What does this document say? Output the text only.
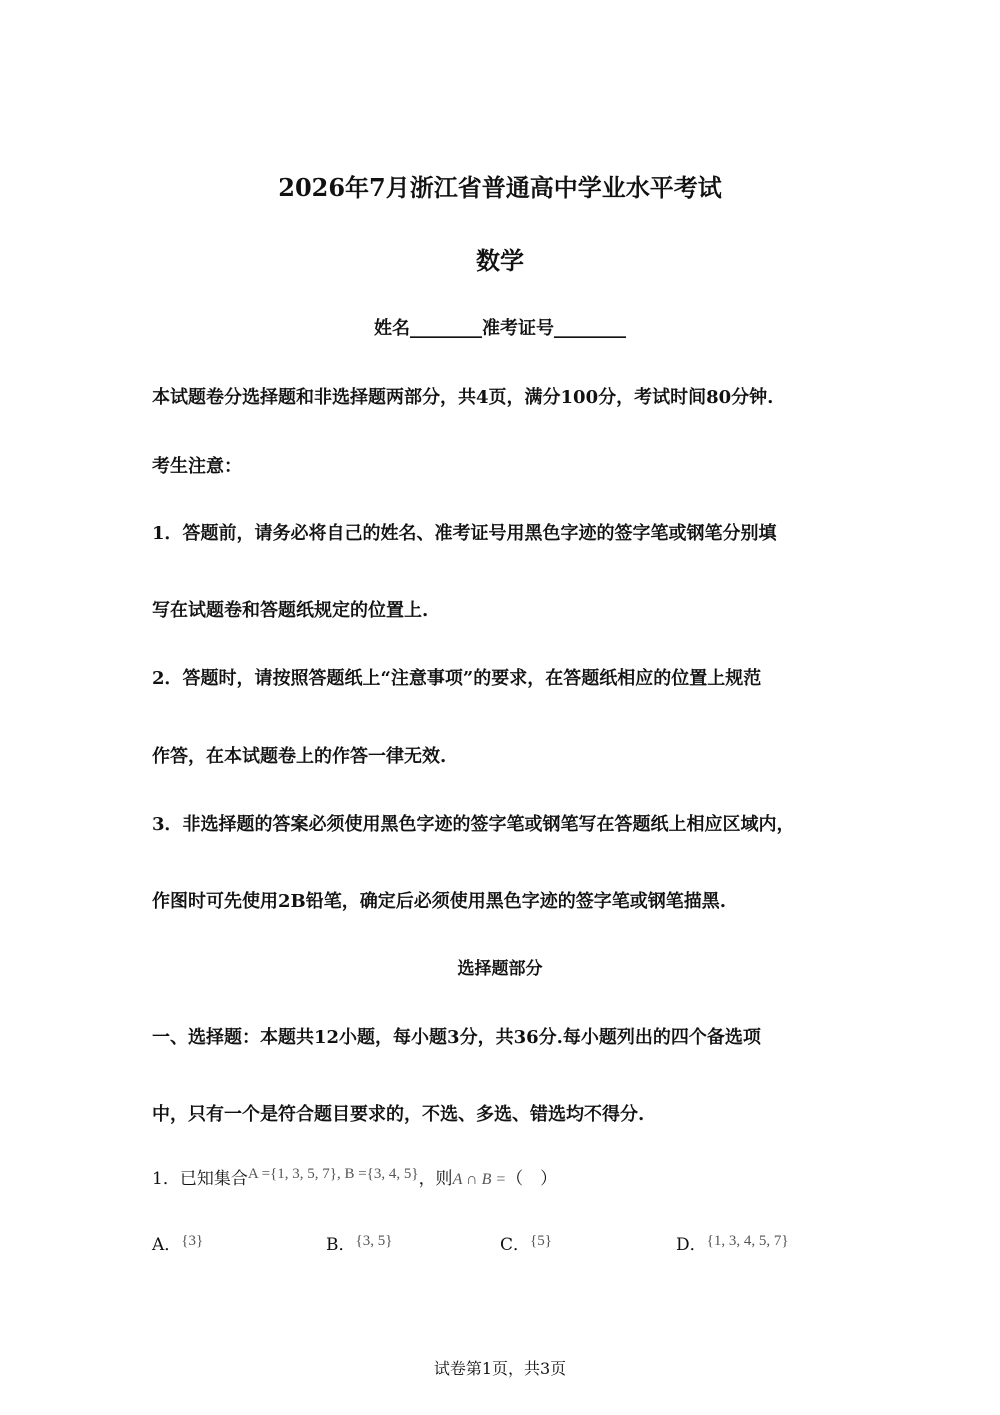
2026年7月浙江省普通高中学业水平考试
数学
姓名________准考证号________
本试题卷分选择题和非选择题两部分，共4页，满分100分，考试时间80分钟.
考生注意：
1．答题前，请务必将自己的姓名、准考证号用黑色字迹的签字笔或钢笔分别填
写在试题卷和答题纸规定的位置上.
2．答题时，请按照答题纸上“注意事项”的要求，在答题纸相应的位置上规范
作答，在本试题卷上的作答一律无效.
3．非选择题的答案必须使用黑色字迹的签字笔或钢笔写在答题纸上相应区域内，
作图时可先使用2B铅笔，确定后必须使用黑色字迹的签字笔或钢笔描黑.
选择题部分
一、选择题：本题共12小题，每小题3分，共36分.每小题列出的四个备选项
中，只有一个是符合题目要求的，不选、多选、错选均不得分.
1．已知集合A ={1, 3, 5, 7}, B ={3, 4, 5}，则A ∩ B =（　）
A．{3}	B．{3, 5}	C．{5}	D．{1, 3, 4, 5, 7}
试卷第1页，共3页
